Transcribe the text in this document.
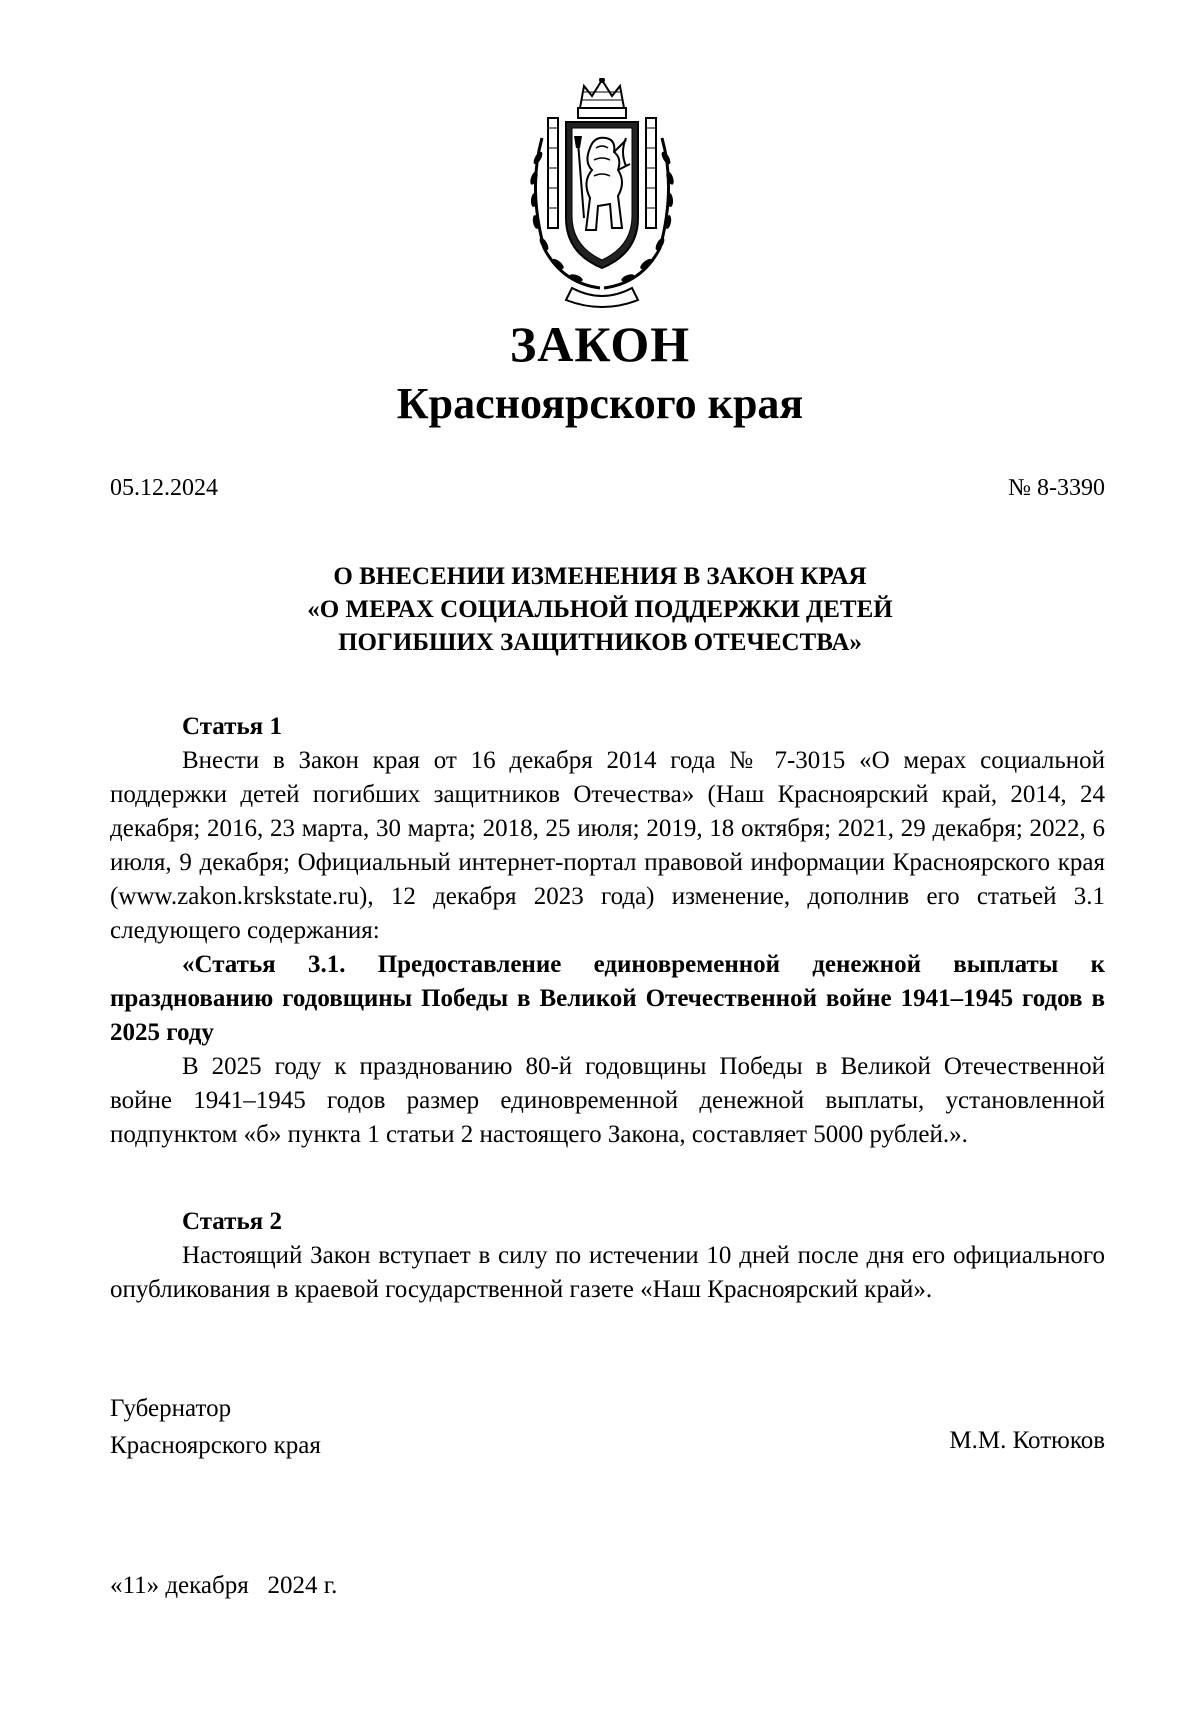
ЗАКОН
Красноярского края
05.12.2024	№ 8-3390
О ВНЕСЕНИИ ИЗМЕНЕНИЯ В ЗАКОН КРАЯ
«О МЕРАХ СОЦИАЛЬНОЙ ПОДДЕРЖКИ ДЕТЕЙ
ПОГИБШИХ ЗАЩИТНИКОВ ОТЕЧЕСТВА»

Статья 1

Внести в Закон края от 16 декабря 2014 года № 7-3015 «О мерах социальной поддержки детей погибших защитников Отечества» (Наш Красноярский край, 2014, 24 декабря; 2016, 23 марта, 30 марта; 2018, 25 июля; 2019, 18 октября; 2021, 29 декабря; 2022, 6 июля, 9 декабря; Официальный интернет-портал правовой информации Красноярского края (www.zakon.krskstate.ru), 12 декабря 2023 года) изменение, дополнив его статьей 3.1 следующего содержания:

«Статья 3.1. Предоставление единовременной денежной выплаты к празднованию годовщины Победы в Великой Отечественной войне 1941–1945 годов в 2025 году

В 2025 году к празднованию 80-й годовщины Победы в Великой Отечественной войне 1941–1945 годов размер единовременной денежной выплаты, установленной подпунктом «б» пункта 1 статьи 2 настоящего Закона, составляет 5000 рублей.».

Статья 2

Настоящий Закон вступает в силу по истечении 10 дней после дня его официального опубликования в краевой государственной газете «Наш Красноярский край».

Губернатор
Красноярского края	М.М. Котюков
«11» декабря   2024 г.
